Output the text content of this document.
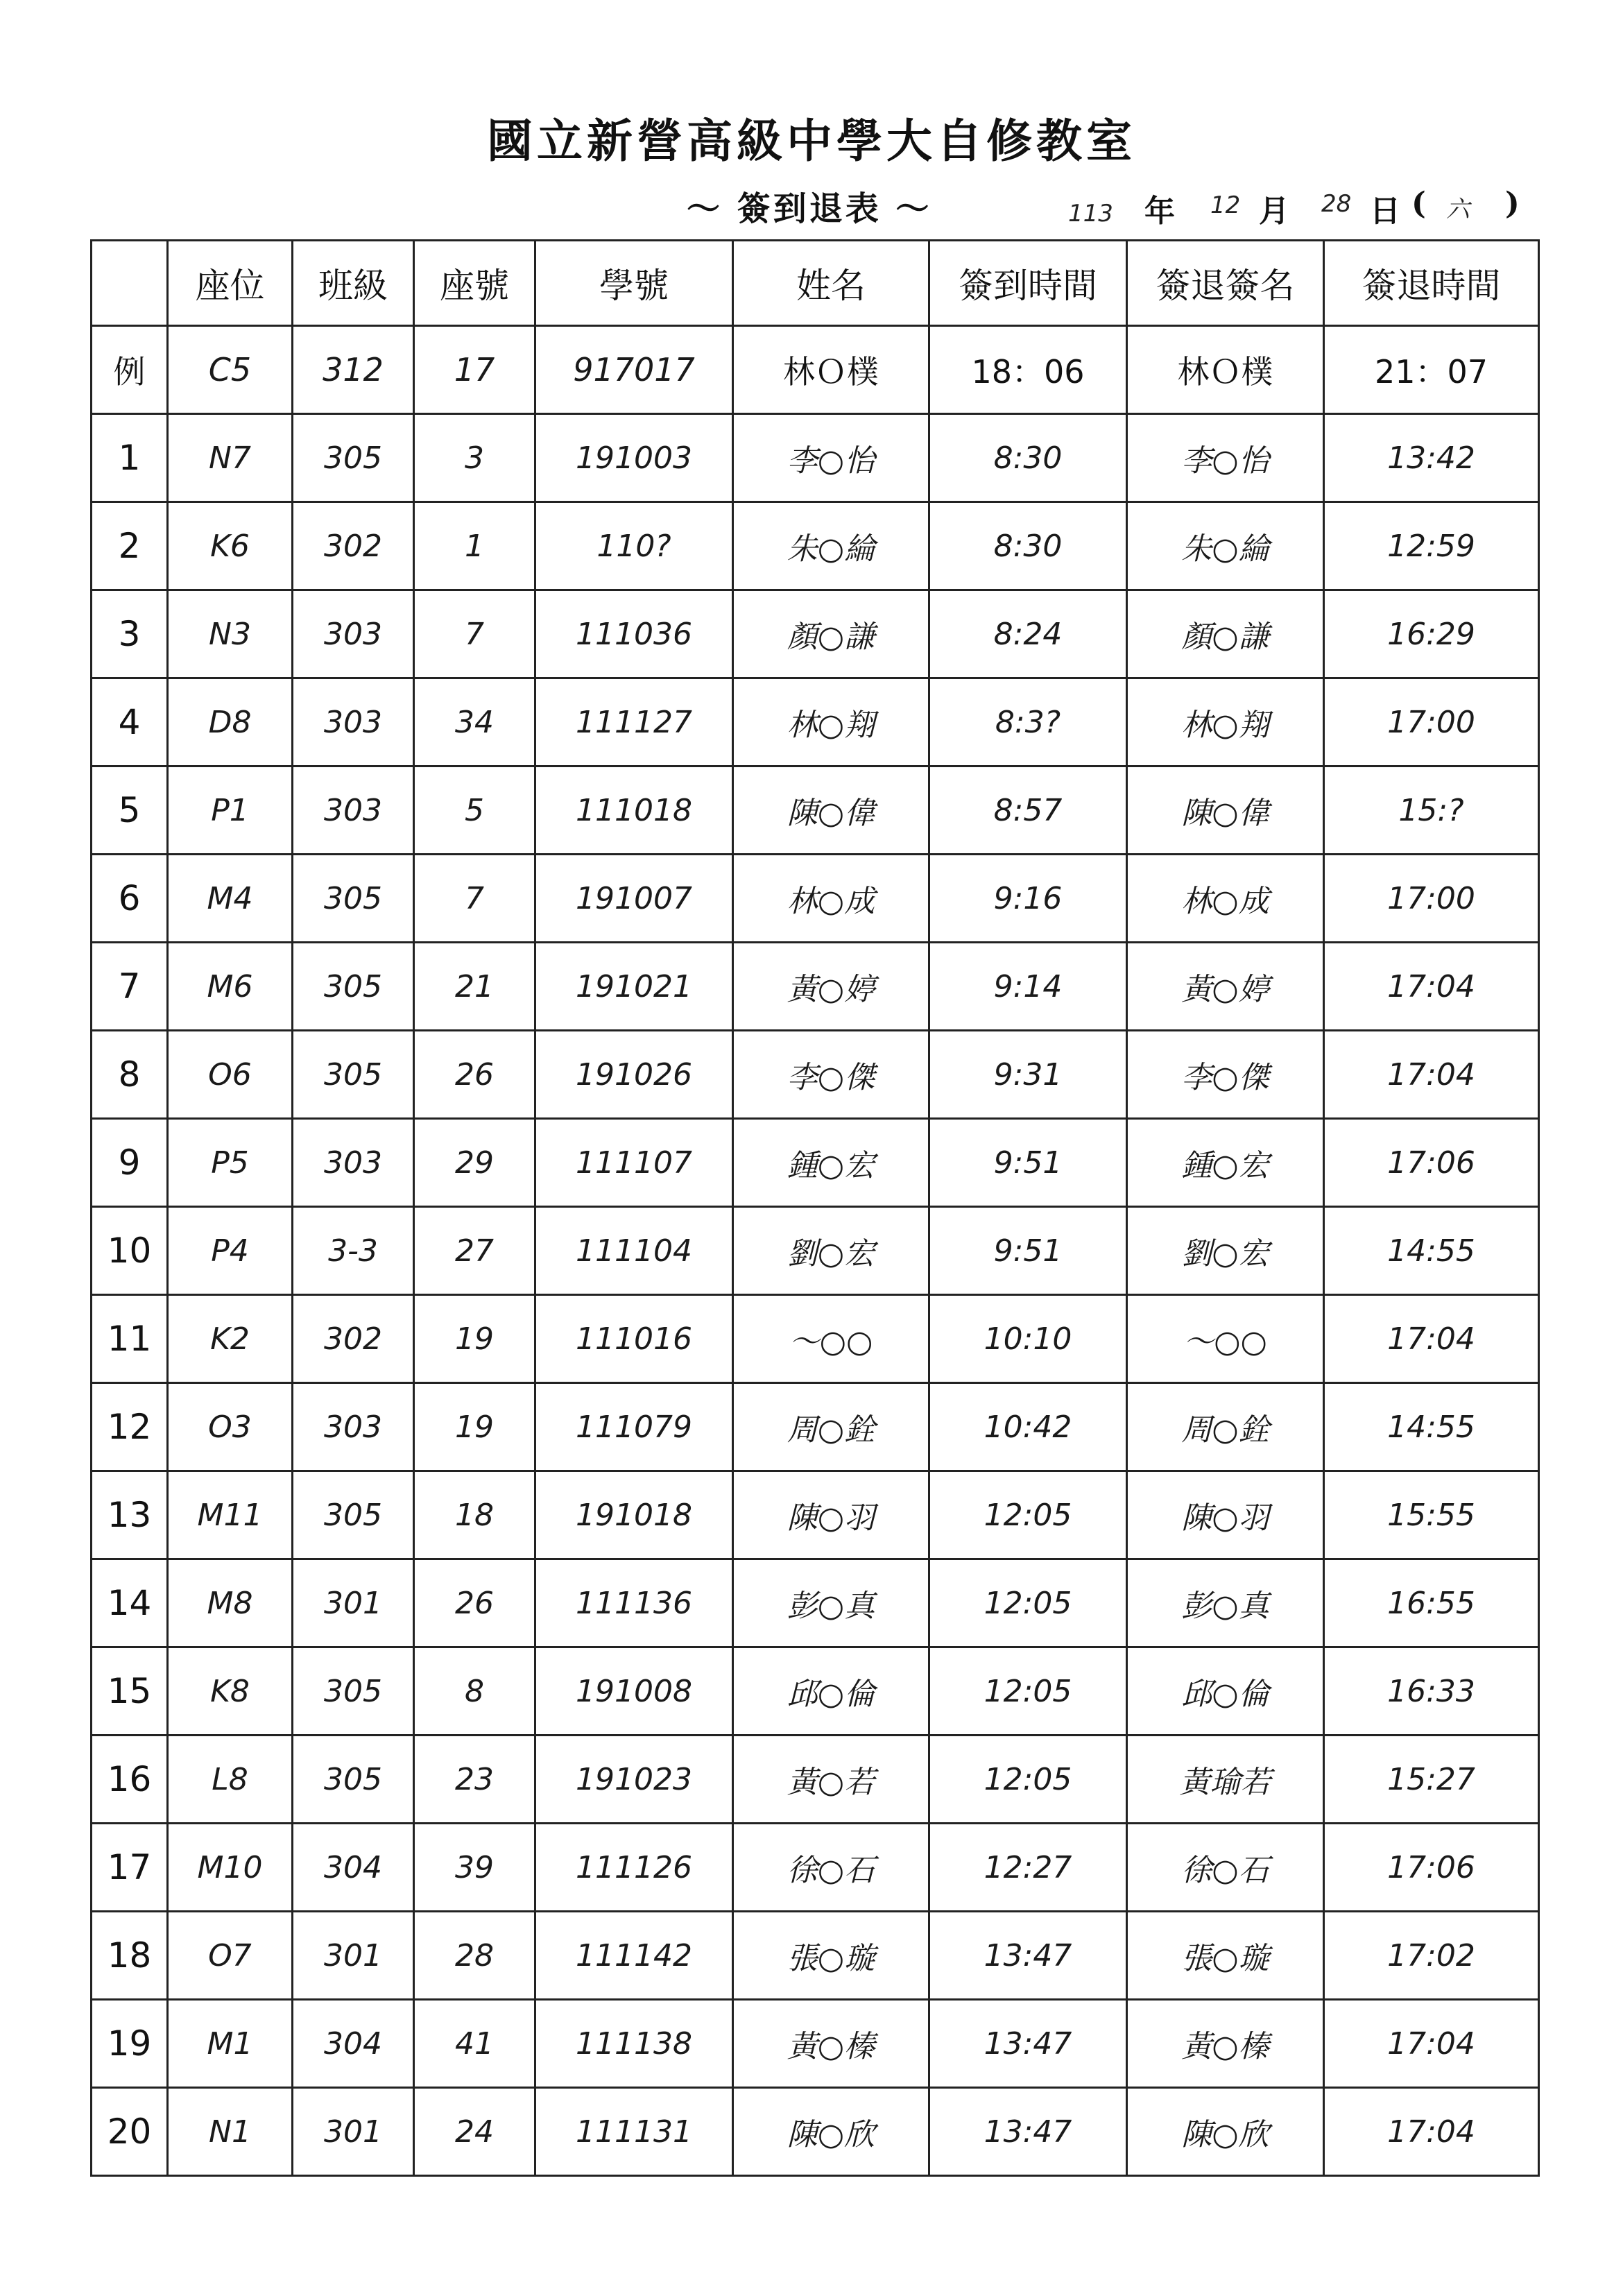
國立新營高級中學大自修教室
～ 簽到退表 ～	113 年 12 月 28 日 ( 六 )
	座位	班級	座號	學號	姓名	簽到時間	簽退簽名	簽退時間
例	C5	312	17	917017	林Ｏ樸	18：06	林Ｏ樸	21：07
1	N7	305	3	191003	李○怡	8:30	李○怡	13:42
2	K6	302	1	110?	朱○綸	8:30	朱○綸	12:59
3	N3	303	7	111036	顏○謙	8:24	顏○謙	16:29
4	D8	303	34	111127	林○翔	8:3?	林○翔	17:00
5	P1	303	5	111018	陳○偉	8:57	陳○偉	15:?
6	M4	305	7	191007	林○成	9:16	林○成	17:00
7	M6	305	21	191021	黃○婷	9:14	黃○婷	17:04
8	O6	305	26	191026	李○傑	9:31	李○傑	17:04
9	P5	303	29	111107	鍾○宏	9:51	鍾○宏	17:06
10	P4	3-3	27	111104	劉○宏	9:51	劉○宏	14:55
11	K2	302	19	111016	～○○	10:10	～○○	17:04
12	O3	303	19	111079	周○銓	10:42	周○銓	14:55
13	M11	305	18	191018	陳○羽	12:05	陳○羽	15:55
14	M8	301	26	111136	彭○真	12:05	彭○真	16:55
15	K8	305	8	191008	邱○倫	12:05	邱○倫	16:33
16	L8	305	23	191023	黃○若	12:05	黃瑜若	15:27
17	M10	304	39	111126	徐○石	12:27	徐○石	17:06
18	O7	301	28	111142	張○璇	13:47	張○璇	17:02
19	M1	304	41	111138	黃○榛	13:47	黃○榛	17:04
20	N1	301	24	111131	陳○欣	13:47	陳○欣	17:04
